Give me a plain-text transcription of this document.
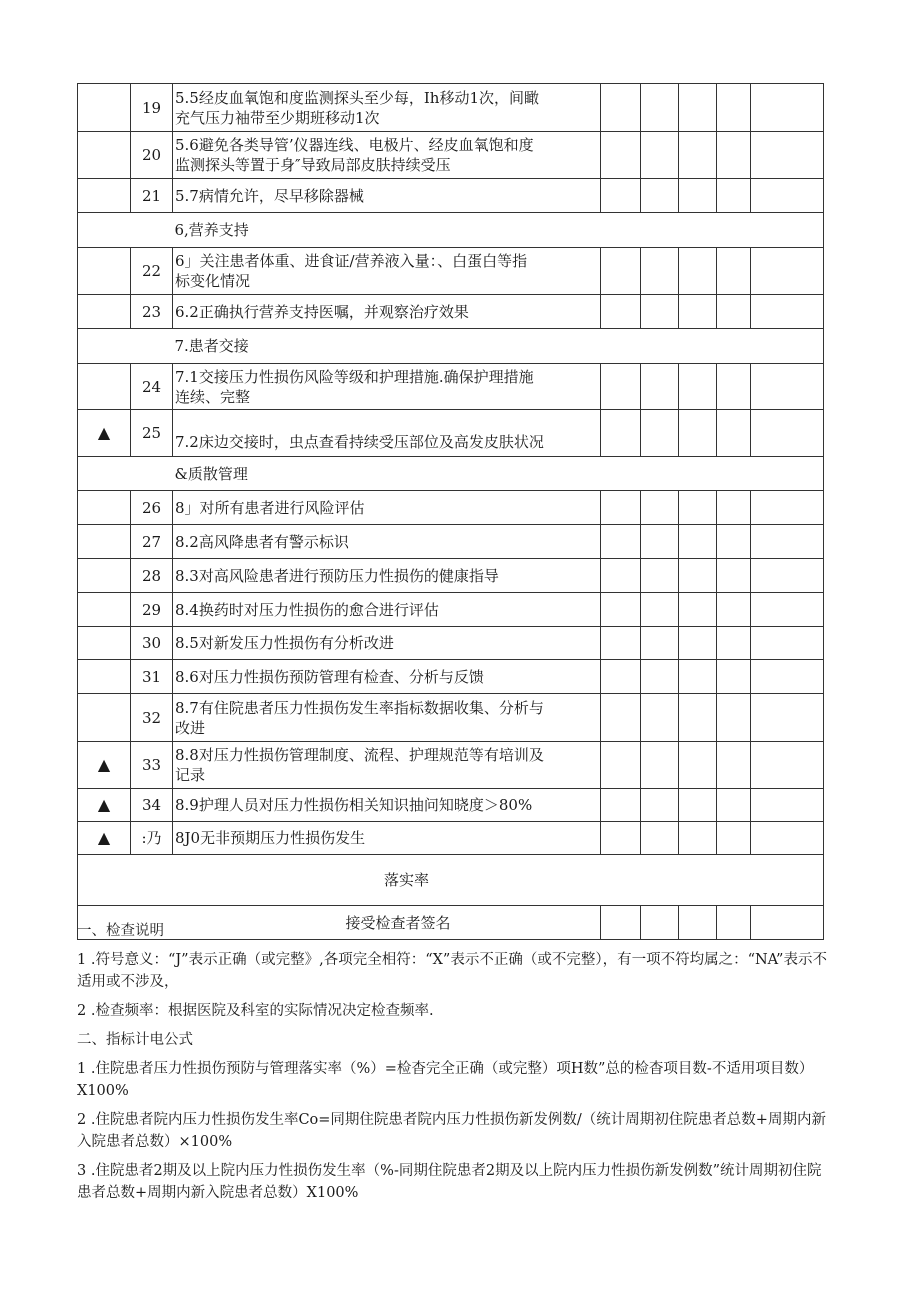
	19	5.5经皮血氧饱和度监测探头至少每，Ih移动1次，间瞰
充气压力袖带至少期班移动1次					

	20	5.6避免各类导管’仪器连线、电极片、经皮血氧饱和度
监测探头等置于身″导致局部皮肤持续受压					

	21	5.7病情允许，尽早移除器械					

		6,营养支持					
	22	6」关注患者体重、进食证/营养液入量：、白蛋白等指
标变化情况					

	23	6.2正确执行营养支持医嘱，并观察治疗效果					

		7.患者交接					
	24	7.1交接压力性损伤风险等级和护理措施.确保护理措施
连续、完整					

▲	25	7.2床边交接时，虫点查看持续受压部位及高发皮肤状况					

		&质散管理					
	26	8」对所有患者进行风险评估					

	27	8.2高风降患者有警示标识					

	28	8.3对高风险患者进行预防压力性损伤的健康指导					

	29	8.4换药时对压力性损伤的愈合进行评估					

	30	8.5对新发压力性损伤有分析改进					

	31	8.6对压力性损伤预防管理有检查、分析与反馈					

	32	8.7有住院患者压力性损伤发生率指标数据收集、分析与
改进					

▲	33	8.8对压力性损伤管理制度、流程、护理规范等有培训及
记录					

▲	34	8.9护理人员对压力性损伤相关知识抽问知晓度＞80%					

▲	:乃	8J0无非预期压力性损伤发生					

落实率							
接受检查者签名							

一、检查说明

1 .符号意义：“J”表示正确（或完整》,各项完全相符：“X”表示不正确（或不完整），有一项不符均属之：“NA”表示不适用或不涉及，

2 .检查频率：根据医院及科室的实际情况决定检查频率.

二、指标计电公式

1 .住院患者压力性损伤预防与管理落实率（%）=检杳完全正确（或完整）项H数”总的检杳项目数-不适用项目数）X100%

2 .住院患者院内压力性损伤发生率Co=同期住院患者院内压力性损伤新发例数/（统计周期初住院患者总数+周期内新入院患者总数）×100%

3 .住院患者2期及以上院内压力性损伤发生率（%-同期住院患者2期及以上院内压力性损伤新发例数”统计周期初住院患者总数+周期内新入院患者总数）X100%
